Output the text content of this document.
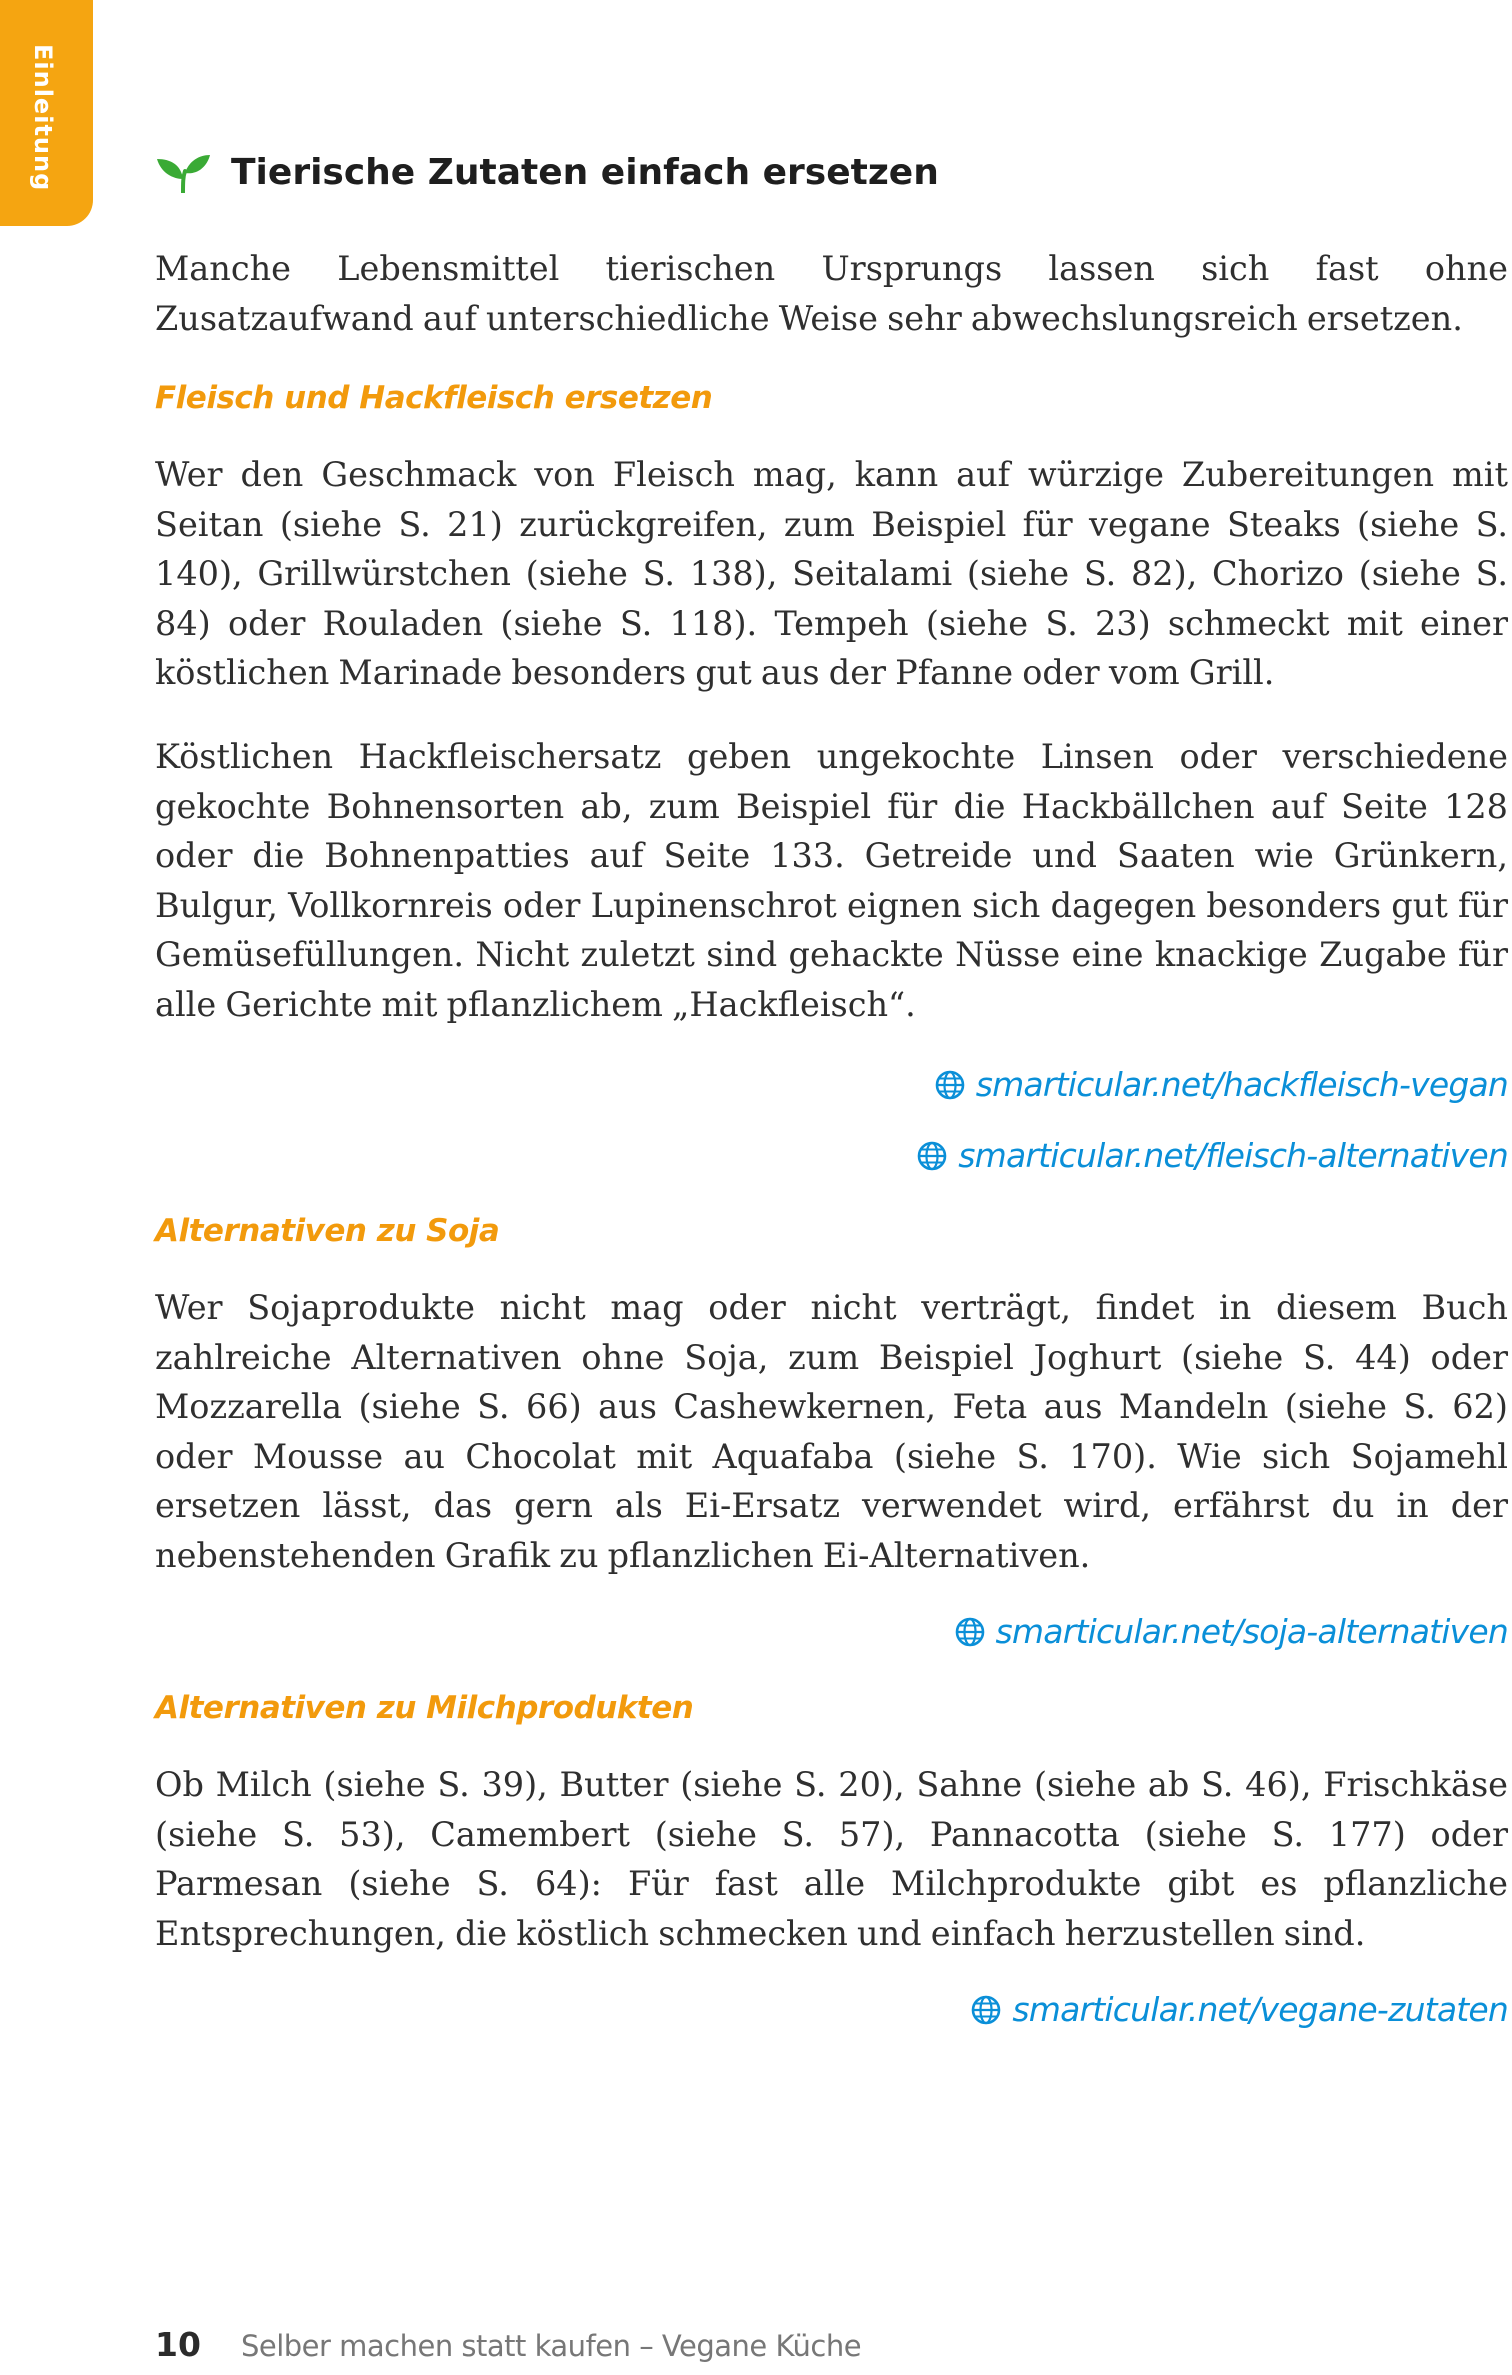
Einleitung	Tierische Zutaten einfach ersetzen

Manche Lebensmittel tierischen Ursprungs lassen sich fast ohne Zusatzaufwand auf unterschiedliche Weise sehr abwechslungsreich ersetzen.

Fleisch und Hackfleisch ersetzen

Wer den Geschmack von Fleisch mag, kann auf würzige Zubereitungen mit Seitan (siehe S. 21) zurückgreifen, zum Beispiel für vegane Steaks (siehe S. 140), Grillwürstchen (siehe S. 138), Seitalami (siehe S. 82), Chorizo (siehe S. 84) oder Rouladen (siehe S. 118). Tempeh (siehe S. 23) schmeckt mit einer köstlichen Marinade besonders gut aus der Pfanne oder vom Grill.

Köstlichen Hackfleischersatz geben ungekochte Linsen oder verschiedene gekochte Bohnensorten ab, zum Beispiel für die Hackbällchen auf Seite 128 oder die Bohnenpatties auf Seite 133. Getreide und Saaten wie Grünkern, Bulgur, Vollkornreis oder Lupinenschrot eignen sich dagegen besonders gut für Gemüsefüllungen. Nicht zuletzt sind gehackte Nüsse eine knackige Zugabe für alle Gerichte mit pflanzlichem „Hackfleisch“.

smarticular.net/hackfleisch-vegan
smarticular.net/fleisch-alternativen
Alternativen zu Soja

Wer Sojaprodukte nicht mag oder nicht verträgt, findet in diesem Buch zahlreiche Alternativen ohne Soja, zum Beispiel Joghurt (siehe S. 44) oder Mozzarella (siehe S. 66) aus Cashewkernen, Feta aus Mandeln (siehe S. 62) oder Mousse au Chocolat mit Aquafaba (siehe S. 170). Wie sich Sojamehl ersetzen lässt, das gern als Ei-Ersatz verwendet wird, erfährst du in der nebenstehenden Grafik zu pflanzlichen Ei-Alternativen.

smarticular.net/soja-alternativen
Alternativen zu Milchprodukten

Ob Milch (siehe S. 39), Butter (siehe S. 20), Sahne (siehe ab S. 46), Frischkäse (siehe S. 53), Camembert (siehe S. 57), Pannacotta (siehe S. 177) oder Parmesan (siehe S. 64): Für fast alle Milchprodukte gibt es pflanzliche Entsprechungen, die köstlich schmecken und einfach herzustellen sind.

smarticular.net/vegane-zutaten
10 Selber machen statt kaufen – Vegane Küche
